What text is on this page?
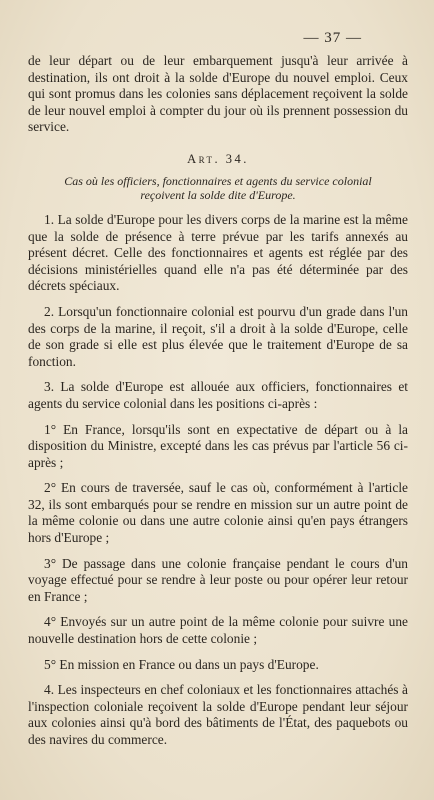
— 37 —

de leur départ ou de leur embarquement jusqu'à leur arrivée à destination, ils ont droit à la solde d'Europe du nouvel emploi. Ceux qui sont promus dans les colonies sans déplacement reçoivent la solde de leur nouvel emploi à compter du jour où ils prennent possession du service.

Art. 34.
Cas où les officiers, fonctionnaires et agents du service colonial
reçoivent la solde dite d'Europe.

1. La solde d'Europe pour les divers corps de la marine est la même que la solde de présence à terre prévue par les tarifs annexés au présent décret. Celle des fonctionnaires et agents est réglée par des décisions ministérielles quand elle n'a pas été déterminée par des décrets spéciaux.

2. Lorsqu'un fonctionnaire colonial est pourvu d'un grade dans l'un des corps de la marine, il reçoit, s'il a droit à la solde d'Europe, celle de son grade si elle est plus élevée que le traitement d'Europe de sa fonction.

3. La solde d'Europe est allouée aux officiers, fonctionnaires et agents du service colonial dans les positions ci-après :

1° En France, lorsqu'ils sont en expectative de départ ou à la disposition du Ministre, excepté dans les cas prévus par l'article 56 ci-après ;

2° En cours de traversée, sauf le cas où, conformément à l'article 32, ils sont embarqués pour se rendre en mission sur un autre point de la même colonie ou dans une autre colonie ainsi qu'en pays étrangers hors d'Europe ;

3° De passage dans une colonie française pendant le cours d'un voyage effectué pour se rendre à leur poste ou pour opérer leur retour en France ;

4° Envoyés sur un autre point de la même colonie pour suivre une nouvelle destination hors de cette colonie ;

5° En mission en France ou dans un pays d'Europe.

4. Les inspecteurs en chef coloniaux et les fonctionnaires attachés à l'inspection coloniale reçoivent la solde d'Europe pendant leur séjour aux colonies ainsi qu'à bord des bâtiments de l'État, des paquebots ou des navires du commerce.
